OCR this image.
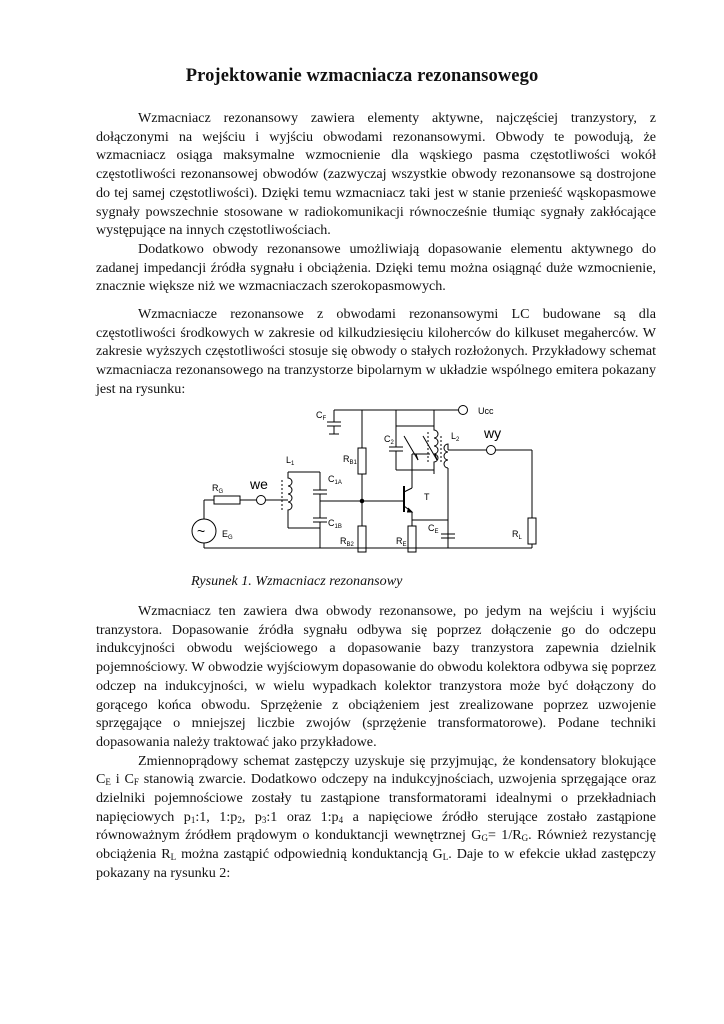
Projektowanie wzmacniacza rezonansowego

Wzmacniacz rezonansowy zawiera elementy aktywne, najczęściej tranzystory, z dołączonymi na wejściu i wyjściu obwodami rezonansowymi. Obwody te powodują, że wzmacniacz osiąga maksymalne wzmocnienie dla wąskiego pasma częstotliwości wokół częstotliwości rezonansowej obwodów (zazwyczaj wszystkie obwody rezonansowe są dostrojone do tej samej częstotliwości). Dzięki temu wzmacniacz taki jest w stanie przenieść wąskopasmowe sygnały powszechnie stosowane w radiokomunikacji równocześnie tłumiąc sygnały zakłócające występujące na innych częstotliwościach.

Dodatkowo obwody rezonansowe umożliwiają dopasowanie elementu aktywnego do zadanej impedancji źródła sygnału i obciążenia. Dzięki temu można osiągnąć duże wzmocnienie, znacznie większe niż we wzmacniaczach szerokopasmowych.

Wzmacniacze rezonansowe z obwodami rezonansowymi LC budowane są dla częstotliwości środkowych w zakresie od kilkudziesięciu kiloherców do kilkuset megaherców. W zakresie wyższych częstotliwości stosuje się obwody o stałych rozłożonych. Przykładowy schemat wzmacniacza rezonansowego na tranzystorze bipolarnym w układzie wspólnego emitera pokazany jest na rysunku:

$C_F$
Ucc
$C_2$
$L_2$ wy
$L_1$	$R_{B1}$
$R_G$ we	$C_{1A}$
T
$C_{1B}$	$C_E$
$E_G$	$R_{B2}$	$R_E$
$R_L$
~
Rysunek 1. Wzmacniacz rezonansowy

Wzmacniacz ten zawiera dwa obwody rezonansowe, po jedym na wejściu i wyjściu tranzystora. Dopasowanie źródła sygnału odbywa się poprzez dołączenie go do odczepu indukcyjności obwodu wejściowego a dopasowanie bazy tranzystora zapewnia dzielnik pojemnościowy. W obwodzie wyjściowym dopasowanie do obwodu kolektora odbywa się poprzez odczep na indukcyjności, w wielu wypadkach kolektor tranzystora może być dołączony do gorącego końca obwodu. Sprzężenie z obciążeniem jest zrealizowane poprzez uzwojenie sprzęgające o mniejszej liczbie zwojów (sprzężenie transformatorowe). Podane techniki dopasowania należy traktować jako przykładowe.

Zmiennoprądowy schemat zastępczy uzyskuje się przyjmując, że kondensatory blokujące $C_E$ i $C_F$ stanowią zwarcie. Dodatkowo odczepy na indukcyjnościach, uzwojenia sprzęgające oraz dzielniki pojemnościowe zostały tu zastąpione transformatorami idealnymi o przekładniach napięciowych $p_1:1$, $1:p_2$, $p_3:1$ oraz $1:p_4$ a napięciowe źródło sterujące zostało zastąpione równoważnym źródłem prądowym o konduktancji wewnętrznej $G_G= 1/R_G$. Również rezystancję obciążenia $R_L$ można zastąpić odpowiednią konduktancją $G_L$. Daje to w efekcie układ zastępczy pokazany na rysunku 2:
